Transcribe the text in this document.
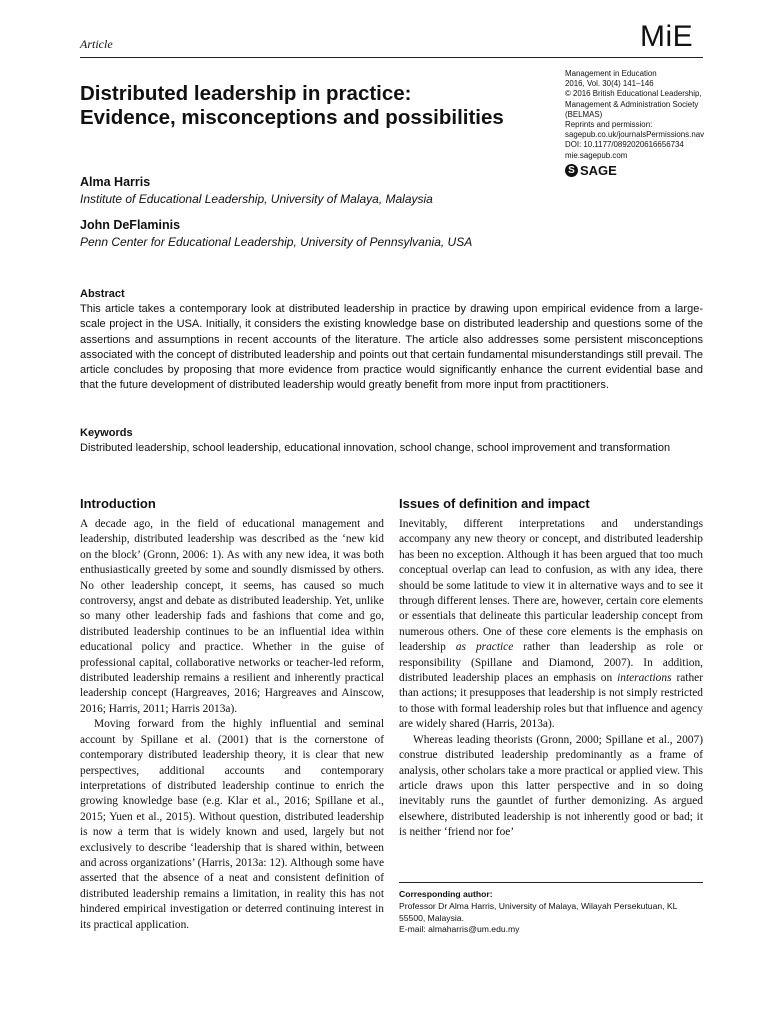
Article	MiE
Distributed leadership in practice:
Evidence, misconceptions and possibilities
Management in Education
2016, Vol. 30(4) 141–146
© 2016 British Educational Leadership,
Management & Administration Society
(BELMAS)
Reprints and permission:
sagepub.co.uk/journalsPermissions.nav
DOI: 10.1177/0892020616656734
mie.sagepub.com
S SAGE
Alma Harris
Institute of Educational Leadership, University of Malaya, Malaysia
John DeFlaminis
Penn Center for Educational Leadership, University of Pennsylvania, USA
Abstract
This article takes a contemporary look at distributed leadership in practice by drawing upon empirical evidence from a large-scale project in the USA. Initially, it considers the existing knowledge base on distributed leadership and questions some of the assertions and assumptions in recent accounts of the literature. The article also addresses some persistent misconceptions associated with the concept of distributed leadership and points out that certain fundamental misunderstandings still prevail. The article concludes by proposing that more evidence from practice would significantly enhance the current evidential base and that the future development of distributed leadership would greatly benefit from more input from practitioners.
Keywords
Distributed leadership, school leadership, educational innovation, school change, school improvement and transformation
Introduction

A decade ago, in the field of educational management and leadership, distributed leadership was described as the ‘new kid on the block’ (Gronn, 2006: 1). As with any new idea, it was both enthusiastically greeted by some and soundly dismissed by others. No other leadership concept, it seems, has caused so much controversy, angst and debate as distributed leadership. Yet, unlike so many other leadership fads and fashions that come and go, distributed leadership continues to be an influential idea within educational policy and practice. Whether in the guise of professional capital, collaborative networks or teacher-led reform, distributed leadership remains a resilient and inherently practical leadership concept (Hargreaves, 2016; Hargreaves and Ainscow, 2016; Harris, 2011; Harris 2013a).

Moving forward from the highly influential and seminal account by Spillane et al. (2001) that is the cornerstone of contemporary distributed leadership theory, it is clear that new perspectives, additional accounts and contemporary interpretations of distributed leadership continue to enrich the growing knowledge base (e.g. Klar et al., 2016; Spillane et al., 2015; Yuen et al., 2015). Without question, distributed leadership is now a term that is widely known and used, largely but not exclusively to describe ‘leadership that is shared within, between and across organizations’ (Harris, 2013a: 12). Although some have asserted that the absence of a neat and consistent definition of distributed leadership remains a limitation, in reality this has not hindered empirical investigation or deterred continuing interest in its practical application.

Issues of definition and impact

Inevitably, different interpretations and understandings accompany any new theory or concept, and distributed leadership has been no exception. Although it has been argued that too much conceptual overlap can lead to confusion, as with any idea, there should be some latitude to view it in alternative ways and to see it through different lenses. There are, however, certain core elements or essentials that delineate this particular leadership concept from numerous others. One of these core elements is the emphasis on leadership as practice rather than leadership as role or responsibility (Spillane and Diamond, 2007). In addition, distributed leadership places an emphasis on interactions rather than actions; it presupposes that leadership is not simply restricted to those with formal leadership roles but that influence and agency are widely shared (Harris, 2013a).

Whereas leading theorists (Gronn, 2000; Spillane et al., 2007) construe distributed leadership predominantly as a frame of analysis, other scholars take a more practical or applied view. This article draws upon this latter perspective and in so doing inevitably runs the gauntlet of further demonizing. As argued elsewhere, distributed leadership is not inherently good or bad; it is neither ‘friend nor foe’

Corresponding author:
Professor Dr Alma Harris, University of Malaya, Wilayah Persekutuan, KL 55500, Malaysia.
E-mail: almaharris@um.edu.my
